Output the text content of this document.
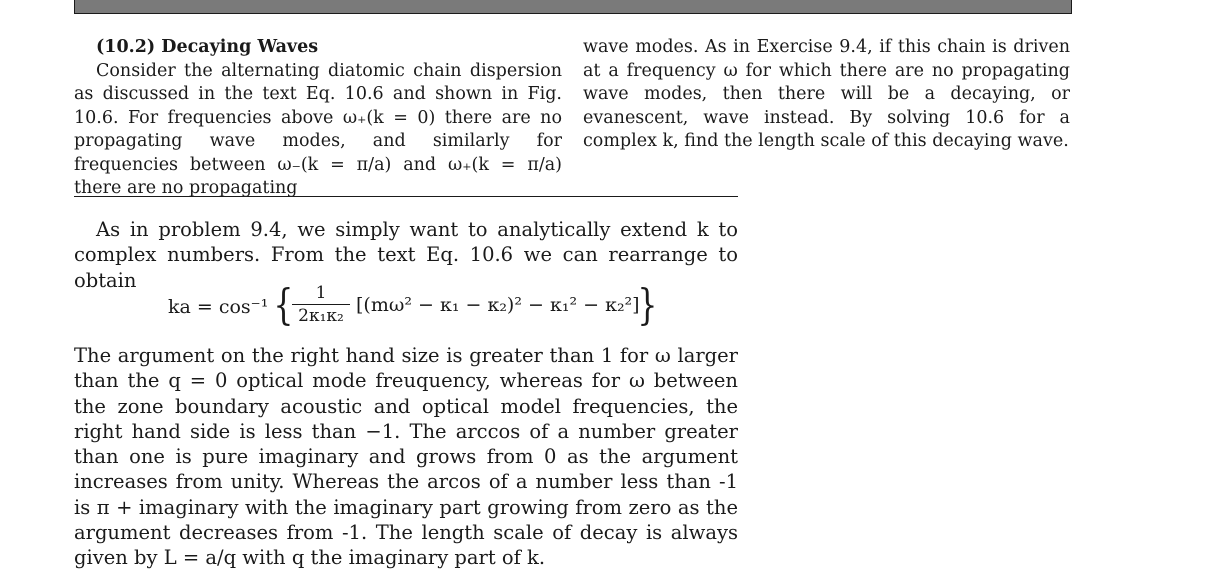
(10.2) Decaying Waves
Consider the alternating diatomic chain dispersion as discussed in the text Eq. 10.6 and shown in Fig. 10.6. For frequencies above ω₊(k = 0) there are no propagating wave modes, and similarly for frequencies between ω₋(k = π/a) and ω₊(k = π/a) there are no propagating
wave modes. As in Exercise 9.4, if this chain is driven at a frequency ω for which there are no propagating wave modes, then there will be a decaying, or evanescent, wave instead. By solving 10.6 for a complex k, find the length scale of this decaying wave.
As in problem 9.4, we simply want to analytically extend k to complex numbers. From the text Eq. 10.6 we can rearrange to obtain
ka = cos⁻¹ {	1
2κ₁κ₂ [(mω² − κ₁ − κ₂)² − κ₁² − κ₂²]
}
The argument on the right hand size is greater than 1 for ω larger than the q = 0 optical mode freuquency, whereas for ω between the zone boundary acoustic and optical model frequencies, the right hand side is less than −1. The arccos of a number greater than one is pure imaginary and grows from 0 as the argument increases from unity. Whereas the arcos of a number less than -1 is π + imaginary with the imaginary part growing from zero as the argument decreases from -1. The length scale of decay is always given by L = a/q with q the imaginary part of k.
